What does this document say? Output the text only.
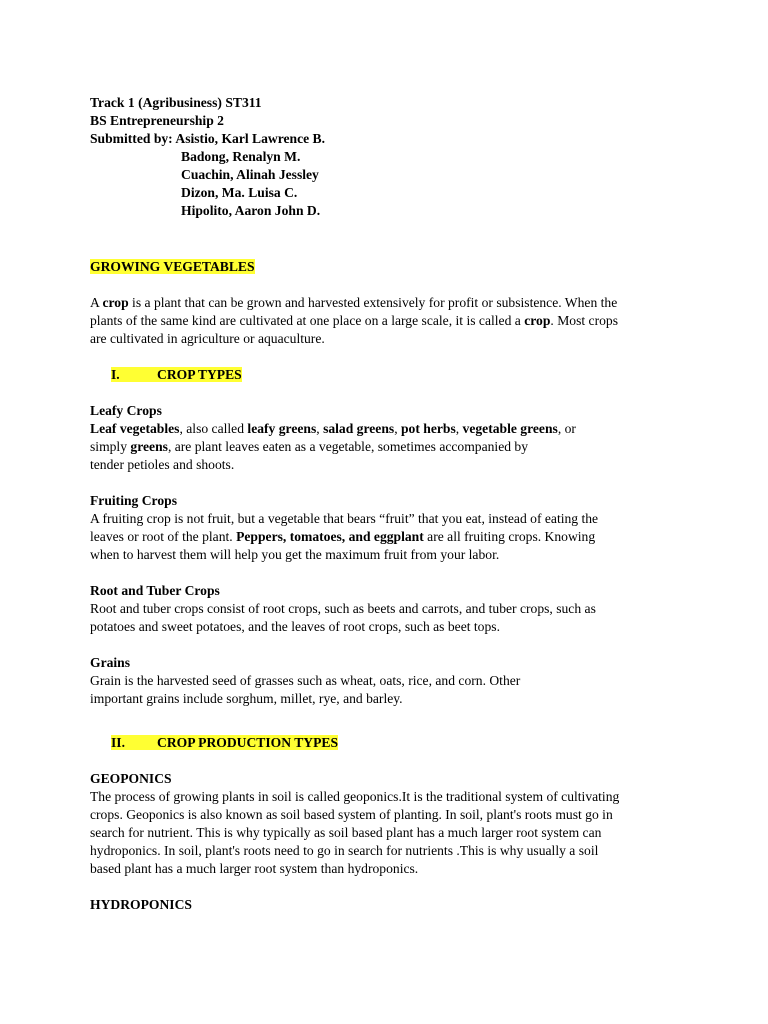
Track 1 (Agribusiness) ST311
BS Entrepreneurship 2
Submitted by: Asistio, Karl Lawrence B.
Badong, Renalyn M.
Cuachin, Alinah Jessley
Dizon, Ma. Luisa C.
Hipolito, Aaron John D.
GROWING VEGETABLES

A crop is a plant that can be grown and harvested extensively for profit or subsistence. When the

plants of the same kind are cultivated at one place on a large scale, it is called a crop. Most crops

are cultivated in agriculture or aquaculture.

I.	CROP TYPES
Leafy Crops

Leaf vegetables, also called leafy greens, salad greens, pot herbs, vegetable greens, or

simply greens, are plant leaves eaten as a vegetable, sometimes accompanied by

tender petioles and shoots.

Fruiting Crops

A fruiting crop is not fruit, but a vegetable that bears “fruit” that you eat, instead of eating the

leaves or root of the plant. Peppers, tomatoes, and eggplant are all fruiting crops. Knowing

when to harvest them will help you get the maximum fruit from your labor.

Root and Tuber Crops

Root and tuber crops consist of root crops, such as beets and carrots, and tuber crops, such as

potatoes and sweet potatoes, and the leaves of root crops, such as beet tops.

Grains

Grain is the harvested seed of grasses such as wheat, oats, rice, and corn. Other

important grains include sorghum, millet, rye, and barley.

II. CROP PRODUCTION TYPES
GEOPONICS

The process of growing plants in soil is called geoponics.It is the traditional system of cultivating

crops. Geoponics is also known as soil based system of planting. In soil, plant's roots must go in

search for nutrient. This is why typically as soil based plant has a much larger root system can

hydroponics. In soil, plant's roots need to go in search for nutrients .This is why usually a soil

based plant has a much larger root system than hydroponics.

HYDROPONICS
